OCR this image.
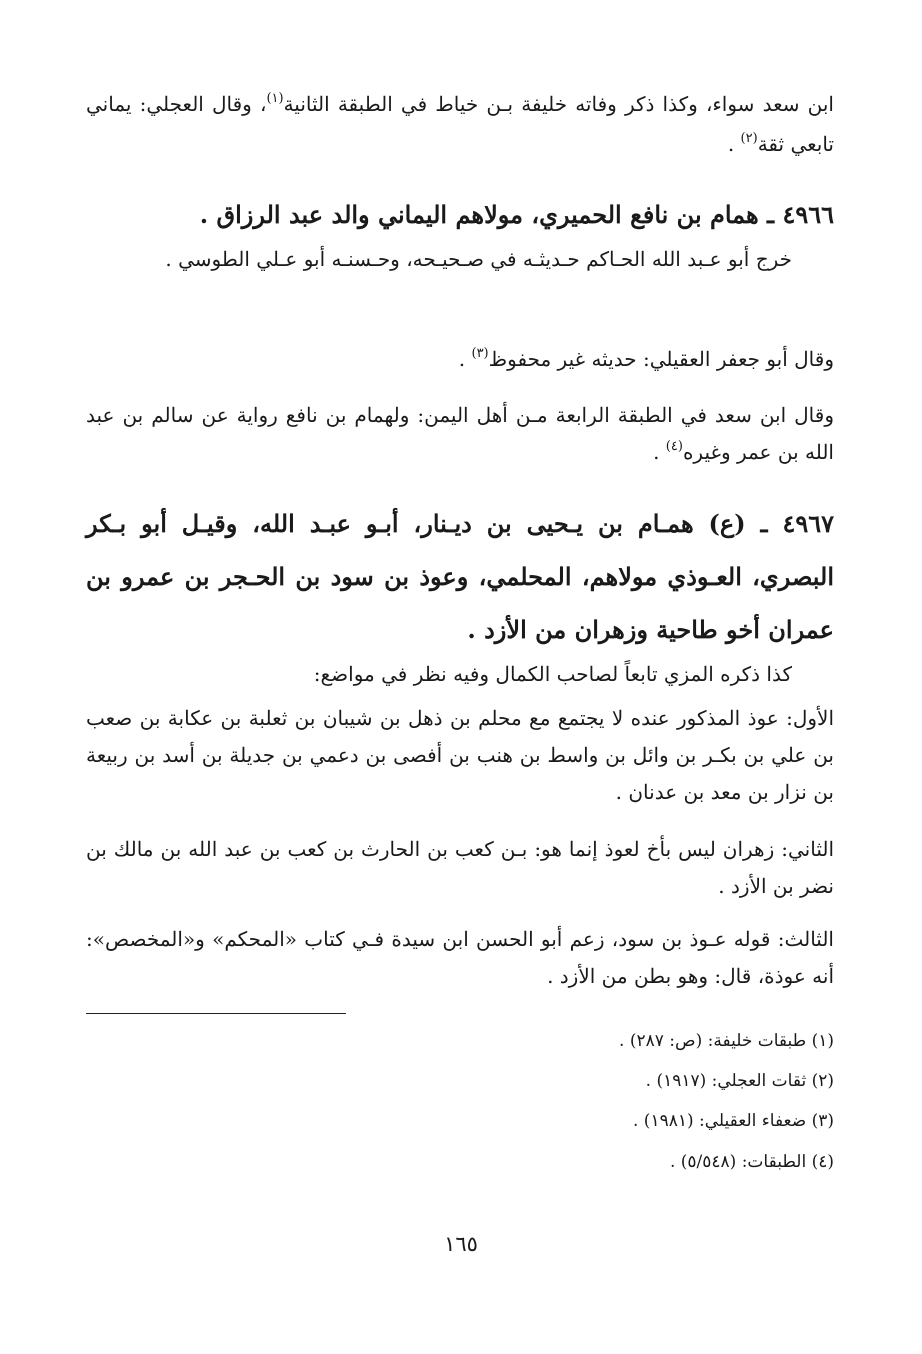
ابن سعد سواء، وكذا ذكر وفاته خليفة بـن خياط في الطبقة الثانية$^{(١)}$، وقال العجلي: يماني تابعي ثقة$^{(٢)}$ .
٤٩٦٦ ـ همام بن نافع الحميري، مولاهم اليماني والد عبد الرزاق .
خرج أبو عـبد الله الحـاكم حـديثـه في صـحيـحه، وحـسنـه أبو عـلي الطوسي .
وقال أبو جعفر العقيلي: حديثه غير محفوظ$^{(٣)}$ .
وقال ابن سعد في الطبقة الرابعة مـن أهل اليمن: ولهمام بن نافع رواية عن سالم بن عبد الله بن عمر وغيره$^{(٤)}$ .
٤٩٦٧ ـ (ع) همـام بن يـحيى بن ديـنار، أبـو عبـد الله، وقيـل أبو بـكر البصري، العـوذي مولاهم، المحلمي، وعوذ بن سود بن الحـجر بن عمرو بن عمران أخو طاحية وزهران من الأزد .
كذا ذكره المزي تابعاً لصاحب الكمال وفيه نظر في مواضع:
الأول: عوذ المذكور عنده لا يجتمع مع محلم بن ذهل بن شيبان بن ثعلبة بن عكابة بن صعب بن علي بن بكـر بن وائل بن واسط بن هنب بن أفصى بن دعمي بن جديلة بن أسد بن ربيعة بن نزار بن معد بن عدنان .
الثاني: زهران ليس بأخ لعوذ إنما هو: بـن كعب بن الحارث بن كعب بن عبد الله بن مالك بن نضر بن الأزد .
الثالث: قوله عـوذ بن سود، زعم أبو الحسن ابن سيدة فـي كتاب «المحكم» و«المخصص»: أنه عوذة، قال: وهو بطن من الأزد .
(١) طبقات خليفة: (ص: ٢٨٧) .
(٢) ثقات العجلي: (١٩١٧) .
(٣) ضعفاء العقيلي: (١٩٨١) .
(٤) الطبقات: (٥/٥٤٨) .
١٦٥
